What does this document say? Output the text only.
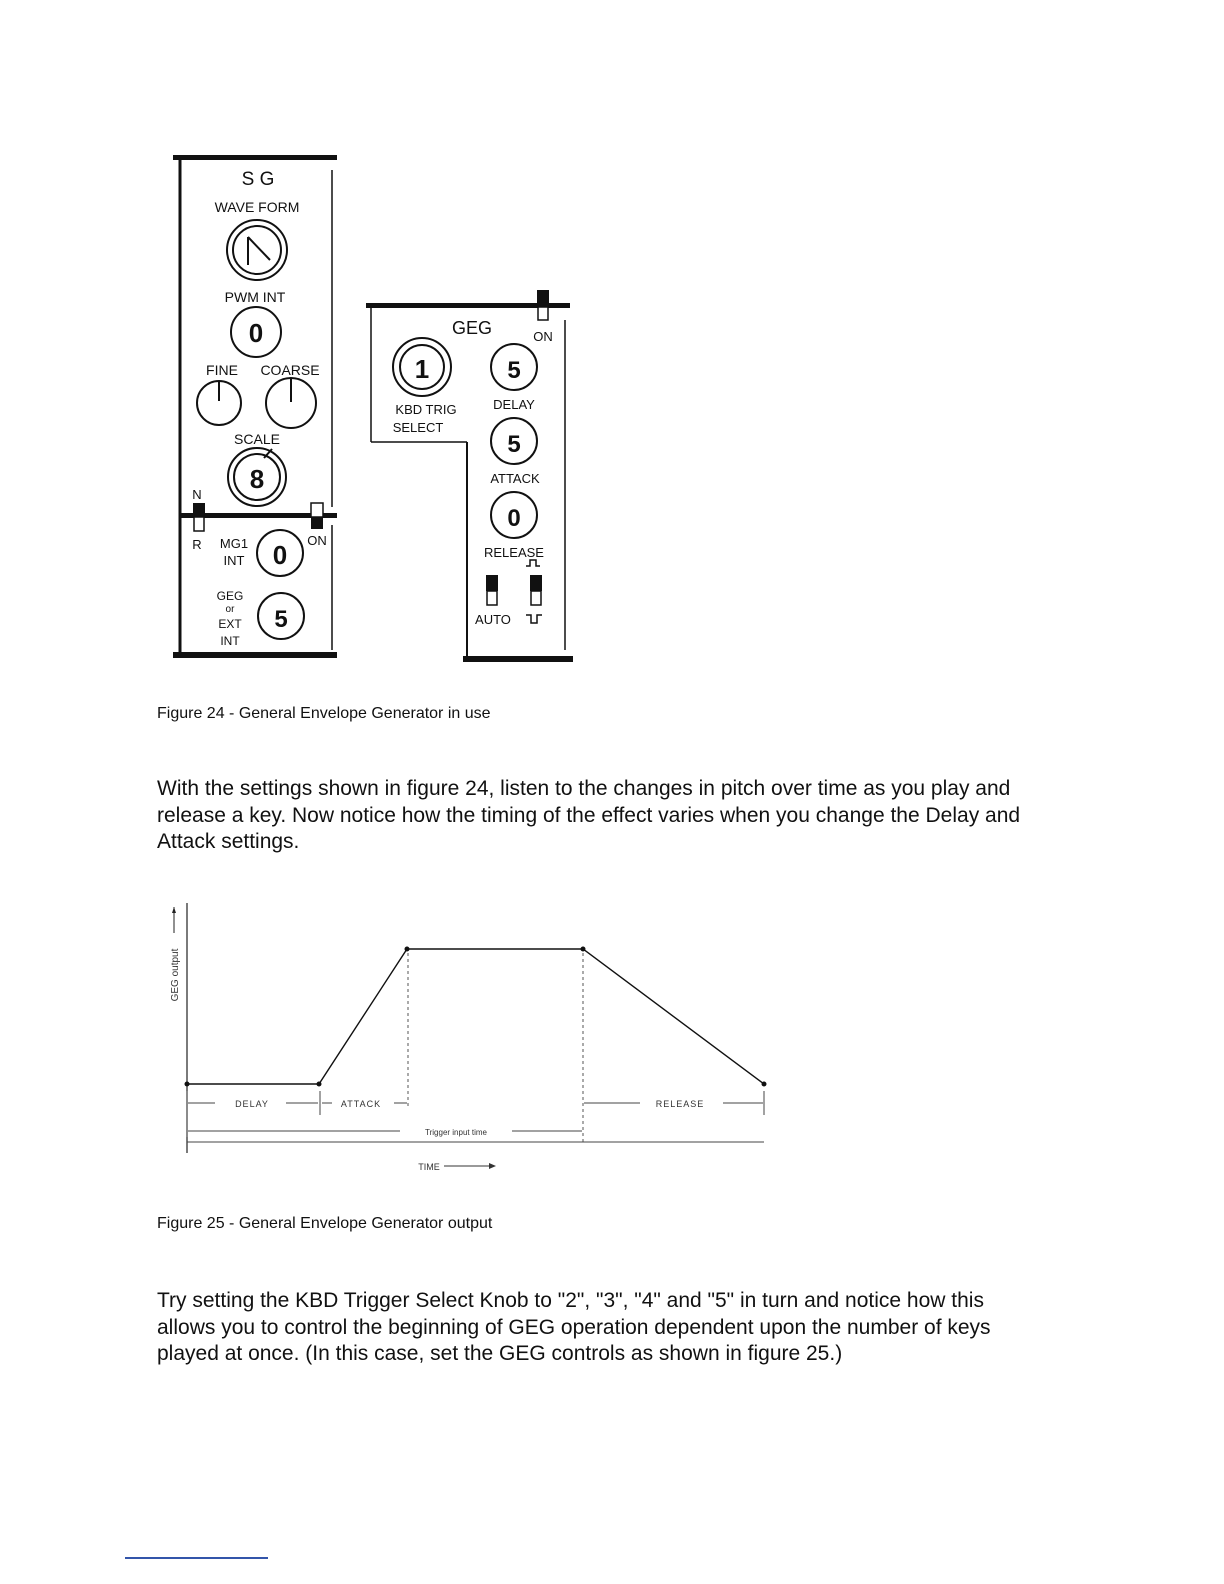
S G
WAVE FORM
PWM INT
0
FINE COARSE
SCALE
8
N
R	ON
MG1
INT 0
GEG
or
EXT
INT
5
GEG	ON
1
KBD TRIG
SELECT
5
DELAY
5
ATTACK
0
RELEASE
AUTO
Figure 24 - General Envelope Generator in use

With the settings shown in figure 24, listen to the changes in pitch over time as you play and release a key. Now notice how the timing of the effect varies when you change the Delay and Attack settings.

GEG output
DELAY	ATTACK	RELEASE
Trigger input time
TIME
Figure 25 - General Envelope Generator output

Try setting the KBD Trigger Select Knob to "2", "3", "4" and "5" in turn and notice how this allows you to control the beginning of GEG operation dependent upon the number of keys played at once. (In this case, set the GEG controls as shown in figure 25.)
